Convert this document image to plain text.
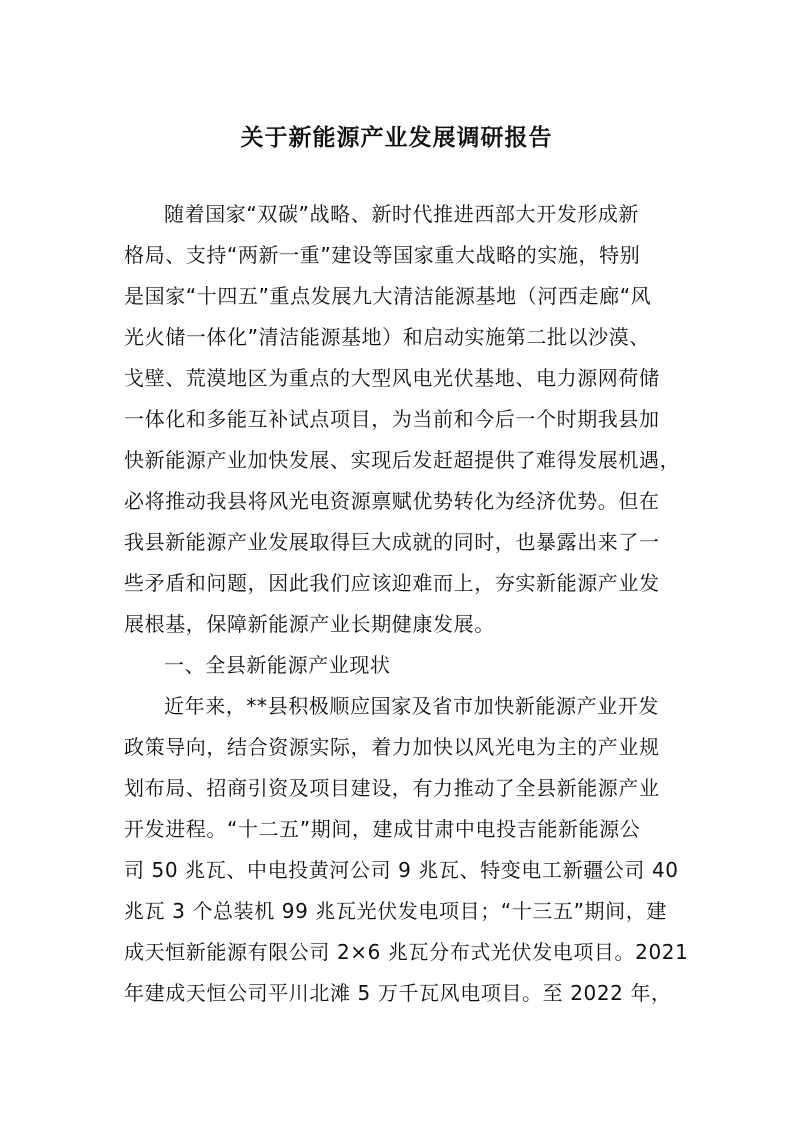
关于新能源产业发展调研报告
随着国家“双碳”战略、新时代推进西部大开发形成新
格局、支持“两新一重”建设等国家重大战略的实施，特别
是国家“十四五”重点发展九大清洁能源基地（河西走廊“风
光火储一体化”清洁能源基地）和启动实施第二批以沙漠、
戈壁、荒漠地区为重点的大型风电光伏基地、电力源网荷储
一体化和多能互补试点项目，为当前和今后一个时期我县加
快新能源产业加快发展、实现后发赶超提供了难得发展机遇，
必将推动我县将风光电资源禀赋优势转化为经济优势。但在
我县新能源产业发展取得巨大成就的同时，也暴露出来了一
些矛盾和问题，因此我们应该迎难而上，夯实新能源产业发
展根基，保障新能源产业长期健康发展。
一、全县新能源产业现状
近年来，**县积极顺应国家及省市加快新能源产业开发
政策导向，结合资源实际，着力加快以风光电为主的产业规
划布局、招商引资及项目建设，有力推动了全县新能源产业
开发进程。“十二五”期间，建成甘肃中电投吉能新能源公
司 50 兆瓦、中电投黄河公司 9 兆瓦、特变电工新疆公司 40
兆瓦 3 个总装机 99 兆瓦光伏发电项目；“十三五”期间，建
成天恒新能源有限公司 2×6 兆瓦分布式光伏发电项目。2021
年建成天恒公司平川北滩 5 万千瓦风电项目。至 2022 年，
